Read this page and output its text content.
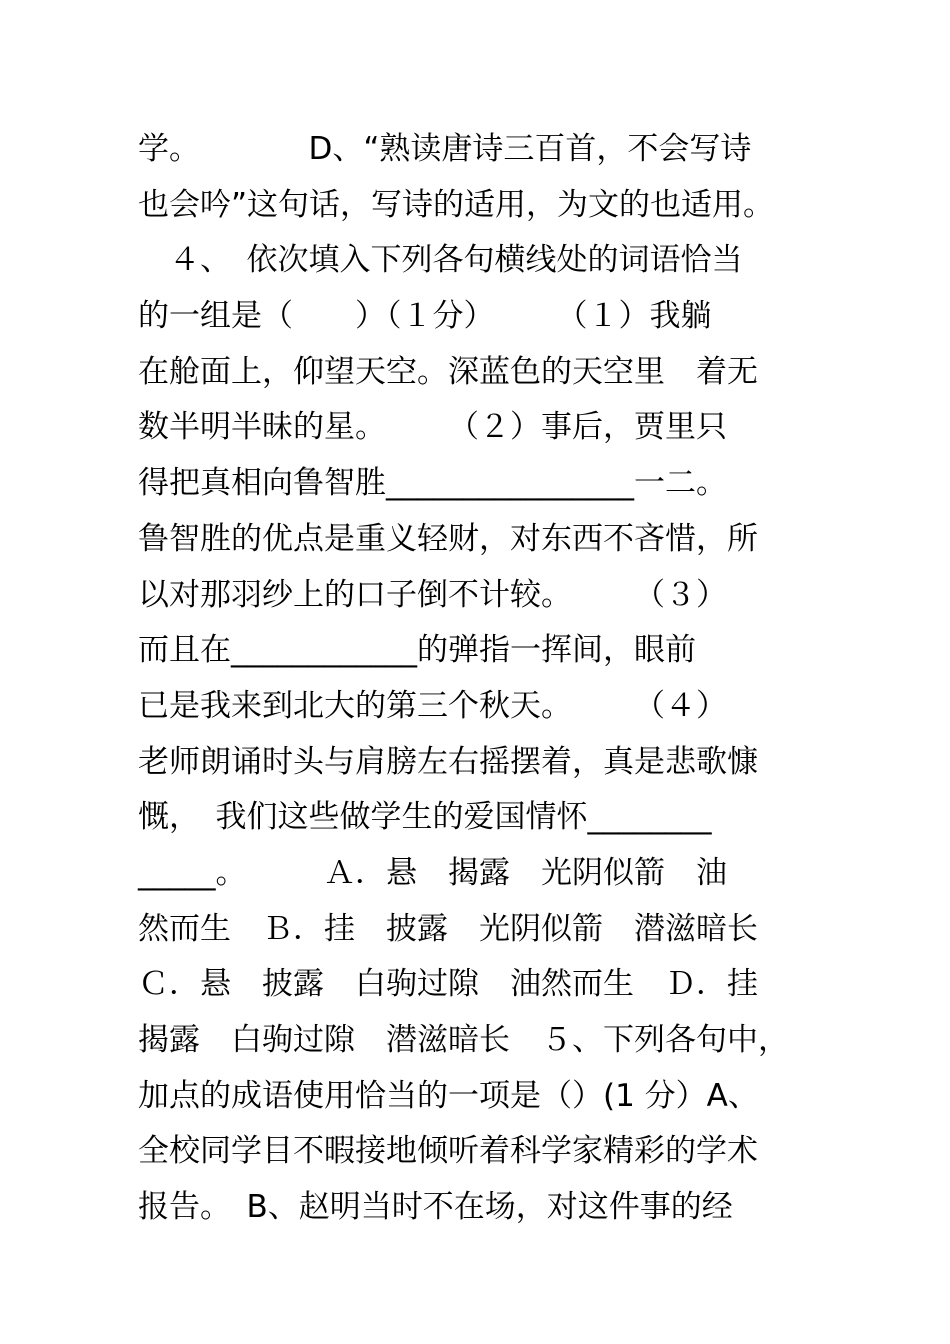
学。　　　　D、“熟读唐诗三百首，不会写诗
也会吟”这句话，写诗的适用，为文的也适用。
　４、　依次填入下列各句横线处的词语恰当
的一组是（　　）（１分）　　　（１）我躺
在舱面上，仰望天空。深蓝色的天空里　着无
数半明半昧的星。　　　（２）事后，贾里只
得把真相向鲁智胜________________一二。
鲁智胜的优点是重义轻财，对东西不吝惜，所
以对那羽纱上的口子倒不计较。　　　（３）
而且在____________的弹指一挥间，眼前
已是我来到北大的第三个秋天。　　　（４）
老师朗诵时头与肩膀左右摇摆着，真是悲歌慷
慨，　我们这些做学生的爱国情怀________
_____。　　　Ａ．悬　揭露　光阴似箭　油
然而生　Ｂ．挂　披露　光阴似箭　潜滋暗长
Ｃ．悬　披露　白驹过隙　油然而生　Ｄ．挂
揭露　白驹过隙　潜滋暗长　５、下列各句中，
加点的成语使用恰当的一项是（）(1 分）A、
全校同学目不暇接地倾听着科学家精彩的学术
报告。　B、赵明当时不在场，对这件事的经
